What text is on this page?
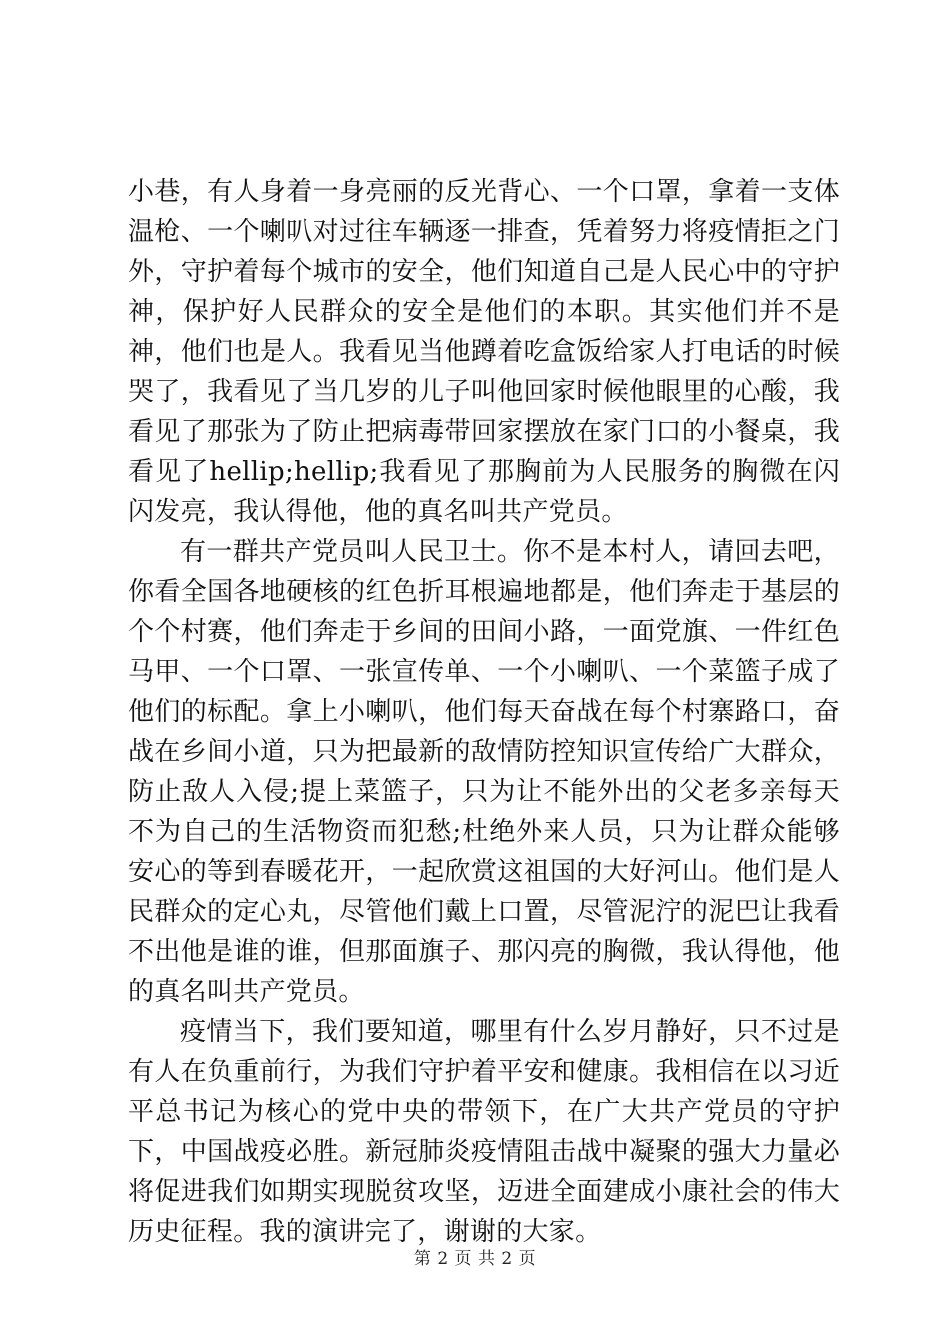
小巷，有人身着一身亮丽的反光背心、一个口罩，拿着一支体温枪、一个喇叭对过往车辆逐一排查，凭着努力将疫情拒之门外，守护着每个城市的安全，他们知道自己是人民心中的守护神，保护好人民群众的安全是他们的本职。其实他们并不是神，他们也是人。我看见当他蹲着吃盒饭给家人打电话的时候哭了，我看见了当几岁的儿子叫他回家时候他眼里的心酸，我看见了那张为了防止把病毒带回家摆放在家门口的小餐桌，我看见了hellip;hellip;我看见了那胸前为人民服务的胸微在闪闪发亮，我认得他，他的真名叫共产党员。

有一群共产党员叫人民卫士。你不是本村人，请回去吧，你看全国各地硬核的红色折耳根遍地都是，他们奔走于基层的个个村赛，他们奔走于乡间的田间小路，一面党旗、一件红色马甲、一个口罩、一张宣传单、一个小喇叭、一个菜篮子成了他们的标配。拿上小喇叭，他们每天奋战在每个村寨路口，奋战在乡间小道，只为把最新的敌情防控知识宣传给广大群众，防止敌人入侵;提上菜篮子，只为让不能外出的父老多亲每天不为自己的生活物资而犯愁;杜绝外来人员，只为让群众能够安心的等到春暖花开，一起欣赏这祖国的大好河山。他们是人民群众的定心丸，尽管他们戴上口置，尽管泥泞的泥巴让我看不出他是谁的谁，但那面旗子、那闪亮的胸微，我认得他，他的真名叫共产党员。

疫情当下，我们要知道，哪里有什么岁月静好，只不过是有人在负重前行，为我们守护着平安和健康。我相信在以习近平总书记为核心的党中央的带领下，在广大共产党员的守护下，中国战疫必胜。新冠肺炎疫情阻击战中凝聚的强大力量必将促进我们如期实现脱贫攻坚，迈进全面建成小康社会的伟大历史征程。我的演讲完了，谢谢的大家。

第 2 页 共 2 页
